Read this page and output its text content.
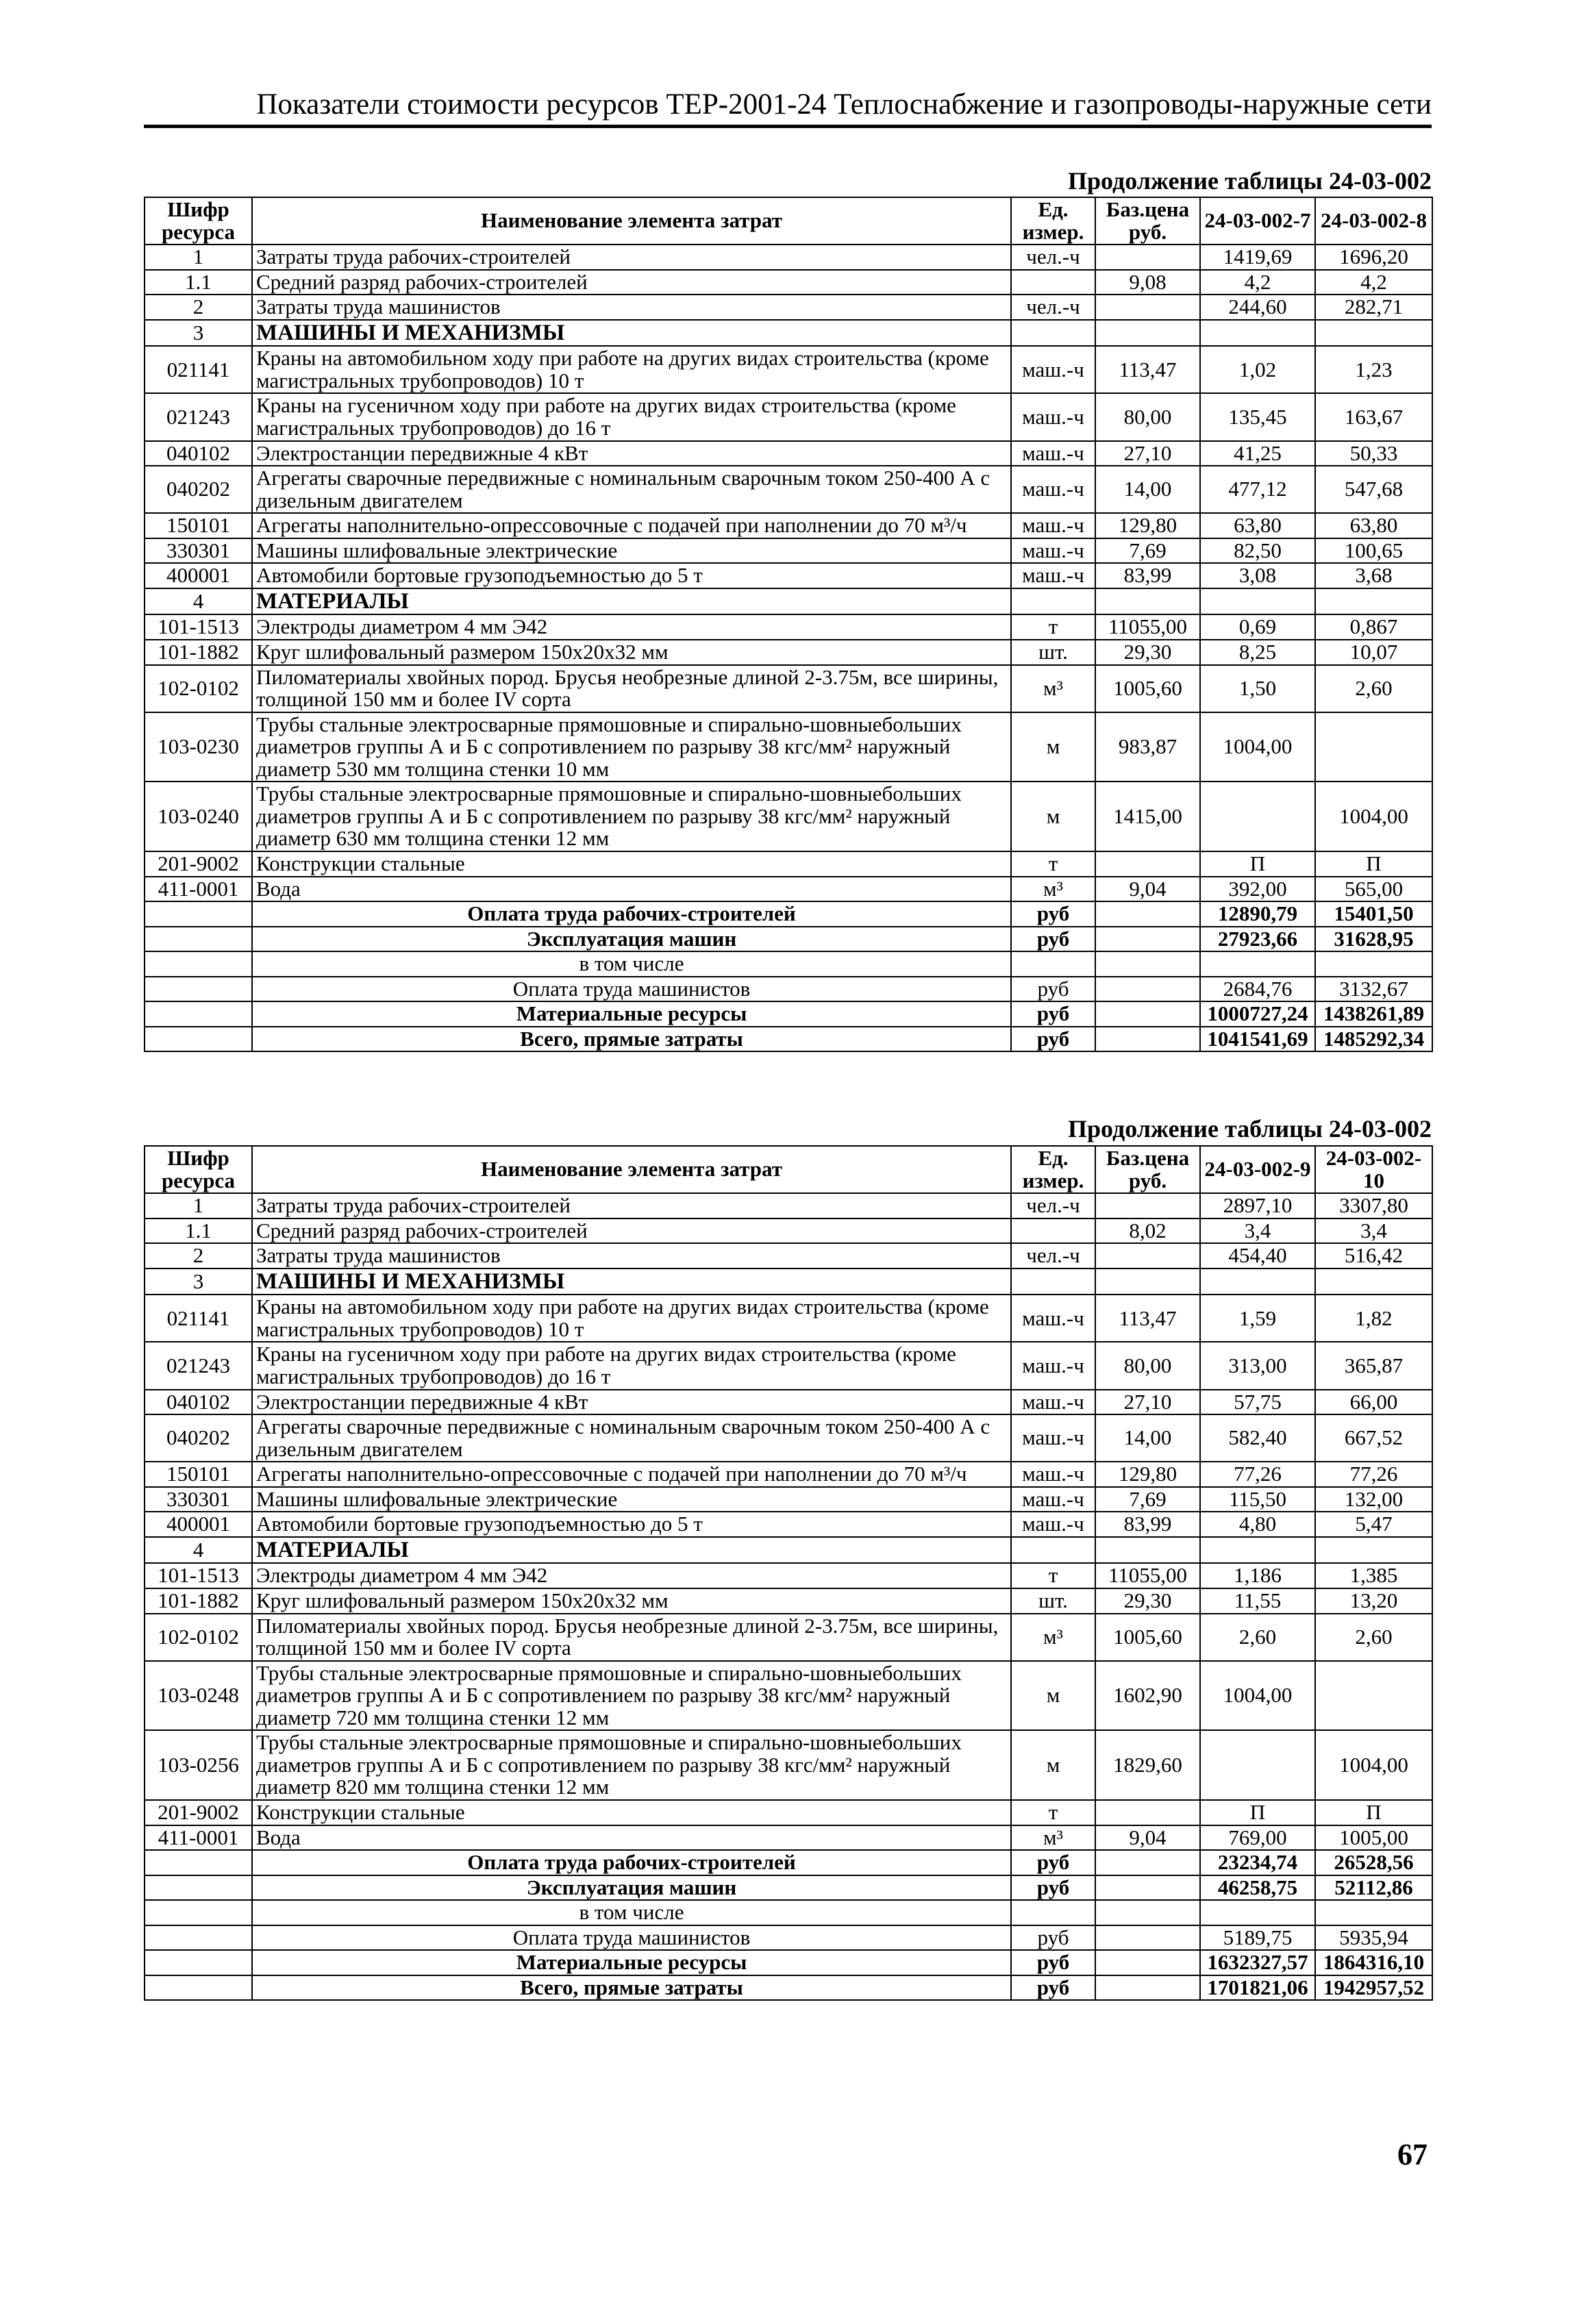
Показатели стоимости ресурсов ТЕР-2001-24 Теплоснабжение и газопроводы-наружные сети
Продолжение таблицы 24-03-002
Шифр ресурса	Наименование элемента затрат	Ед. измер.	Баз.цена руб.	24-03-002-7	24-03-002-8
1	Затраты труда рабочих-строителей	чел.-ч		1419,69	1696,20
1.1	Средний разряд рабочих-строителей		9,08	4,2	4,2
2	Затраты труда машинистов	чел.-ч		244,60	282,71
3	МАШИНЫ И МЕХАНИЗМЫ				
021141	Краны на автомобильном ходу при работе на других видах строительства (кроме магистральных трубопроводов) 10 т	маш.-ч	113,47	1,02	1,23
021243	Краны на гусеничном ходу при работе на других видах строительства (кроме магистральных трубопроводов) до 16 т	маш.-ч	80,00	135,45	163,67
040102	Электростанции передвижные 4 кВт	маш.-ч	27,10	41,25	50,33
040202	Агрегаты сварочные передвижные с номинальным сварочным током 250-400 А с дизельным двигателем	маш.-ч	14,00	477,12	547,68
150101	Агрегаты наполнительно-опрессовочные с подачей при наполнении до 70 м³/ч	маш.-ч	129,80	63,80	63,80
330301	Машины шлифовальные электрические	маш.-ч	7,69	82,50	100,65
400001	Автомобили бортовые грузоподъемностью до 5 т	маш.-ч	83,99	3,08	3,68
4	МАТЕРИАЛЫ				
101-1513	Электроды диаметром 4 мм Э42	т	11055,00	0,69	0,867
101-1882	Круг шлифовальный размером 150х20х32 мм	шт.	29,30	8,25	10,07
102-0102	Пиломатериалы хвойных пород. Брусья необрезные длиной 2-3.75м, все ширины, толщиной 150 мм и более IV сорта	м³	1005,60	1,50	2,60
103-0230	Трубы стальные электросварные прямошовные и спирально-шовныебольших диаметров группы А и Б с сопротивлением по разрыву 38 кгс/мм² наружный диаметр 530 мм толщина стенки 10 мм	м	983,87	1004,00	
103-0240	Трубы стальные электросварные прямошовные и спирально-шовныебольших диаметров группы А и Б с сопротивлением по разрыву 38 кгс/мм² наружный диаметр 630 мм толщина стенки 12 мм	м	1415,00		1004,00
201-9002	Конструкции стальные	т		П	П
411-0001	Вода	м³	9,04	392,00	565,00
	Оплата труда рабочих-строителей	руб		12890,79	15401,50
	Эксплуатация машин	руб		27923,66	31628,95
	в том числе				
	Оплата труда машинистов	руб		2684,76	3132,67
	Материальные ресурсы	руб		1000727,24	1438261,89
	Всего, прямые затраты	руб		1041541,69	1485292,34
Продолжение таблицы 24-03-002
Шифр ресурса	Наименование элемента затрат	Ед. измер.	Баз.цена руб.	24-03-002-9	24-03-002-10
1	Затраты труда рабочих-строителей	чел.-ч		2897,10	3307,80
1.1	Средний разряд рабочих-строителей		8,02	3,4	3,4
2	Затраты труда машинистов	чел.-ч		454,40	516,42
3	МАШИНЫ И МЕХАНИЗМЫ				
021141	Краны на автомобильном ходу при работе на других видах строительства (кроме магистральных трубопроводов) 10 т	маш.-ч	113,47	1,59	1,82
021243	Краны на гусеничном ходу при работе на других видах строительства (кроме магистральных трубопроводов) до 16 т	маш.-ч	80,00	313,00	365,87
040102	Электростанции передвижные 4 кВт	маш.-ч	27,10	57,75	66,00
040202	Агрегаты сварочные передвижные с номинальным сварочным током 250-400 А с дизельным двигателем	маш.-ч	14,00	582,40	667,52
150101	Агрегаты наполнительно-опрессовочные с подачей при наполнении до 70 м³/ч	маш.-ч	129,80	77,26	77,26
330301	Машины шлифовальные электрические	маш.-ч	7,69	115,50	132,00
400001	Автомобили бортовые грузоподъемностью до 5 т	маш.-ч	83,99	4,80	5,47
4	МАТЕРИАЛЫ				
101-1513	Электроды диаметром 4 мм Э42	т	11055,00	1,186	1,385
101-1882	Круг шлифовальный размером 150х20х32 мм	шт.	29,30	11,55	13,20
102-0102	Пиломатериалы хвойных пород. Брусья необрезные длиной 2-3.75м, все ширины, толщиной 150 мм и более IV сорта	м³	1005,60	2,60	2,60
103-0248	Трубы стальные электросварные прямошовные и спирально-шовныебольших диаметров группы А и Б с сопротивлением по разрыву 38 кгс/мм² наружный диаметр 720 мм толщина стенки 12 мм	м	1602,90	1004,00	
103-0256	Трубы стальные электросварные прямошовные и спирально-шовныебольших диаметров группы А и Б с сопротивлением по разрыву 38 кгс/мм² наружный диаметр 820 мм толщина стенки 12 мм	м	1829,60		1004,00
201-9002	Конструкции стальные	т		П	П
411-0001	Вода	м³	9,04	769,00	1005,00
	Оплата труда рабочих-строителей	руб		23234,74	26528,56
	Эксплуатация машин	руб		46258,75	52112,86
	в том числе				
	Оплата труда машинистов	руб		5189,75	5935,94
	Материальные ресурсы	руб		1632327,57	1864316,10
	Всего, прямые затраты	руб		1701821,06	1942957,52
67
